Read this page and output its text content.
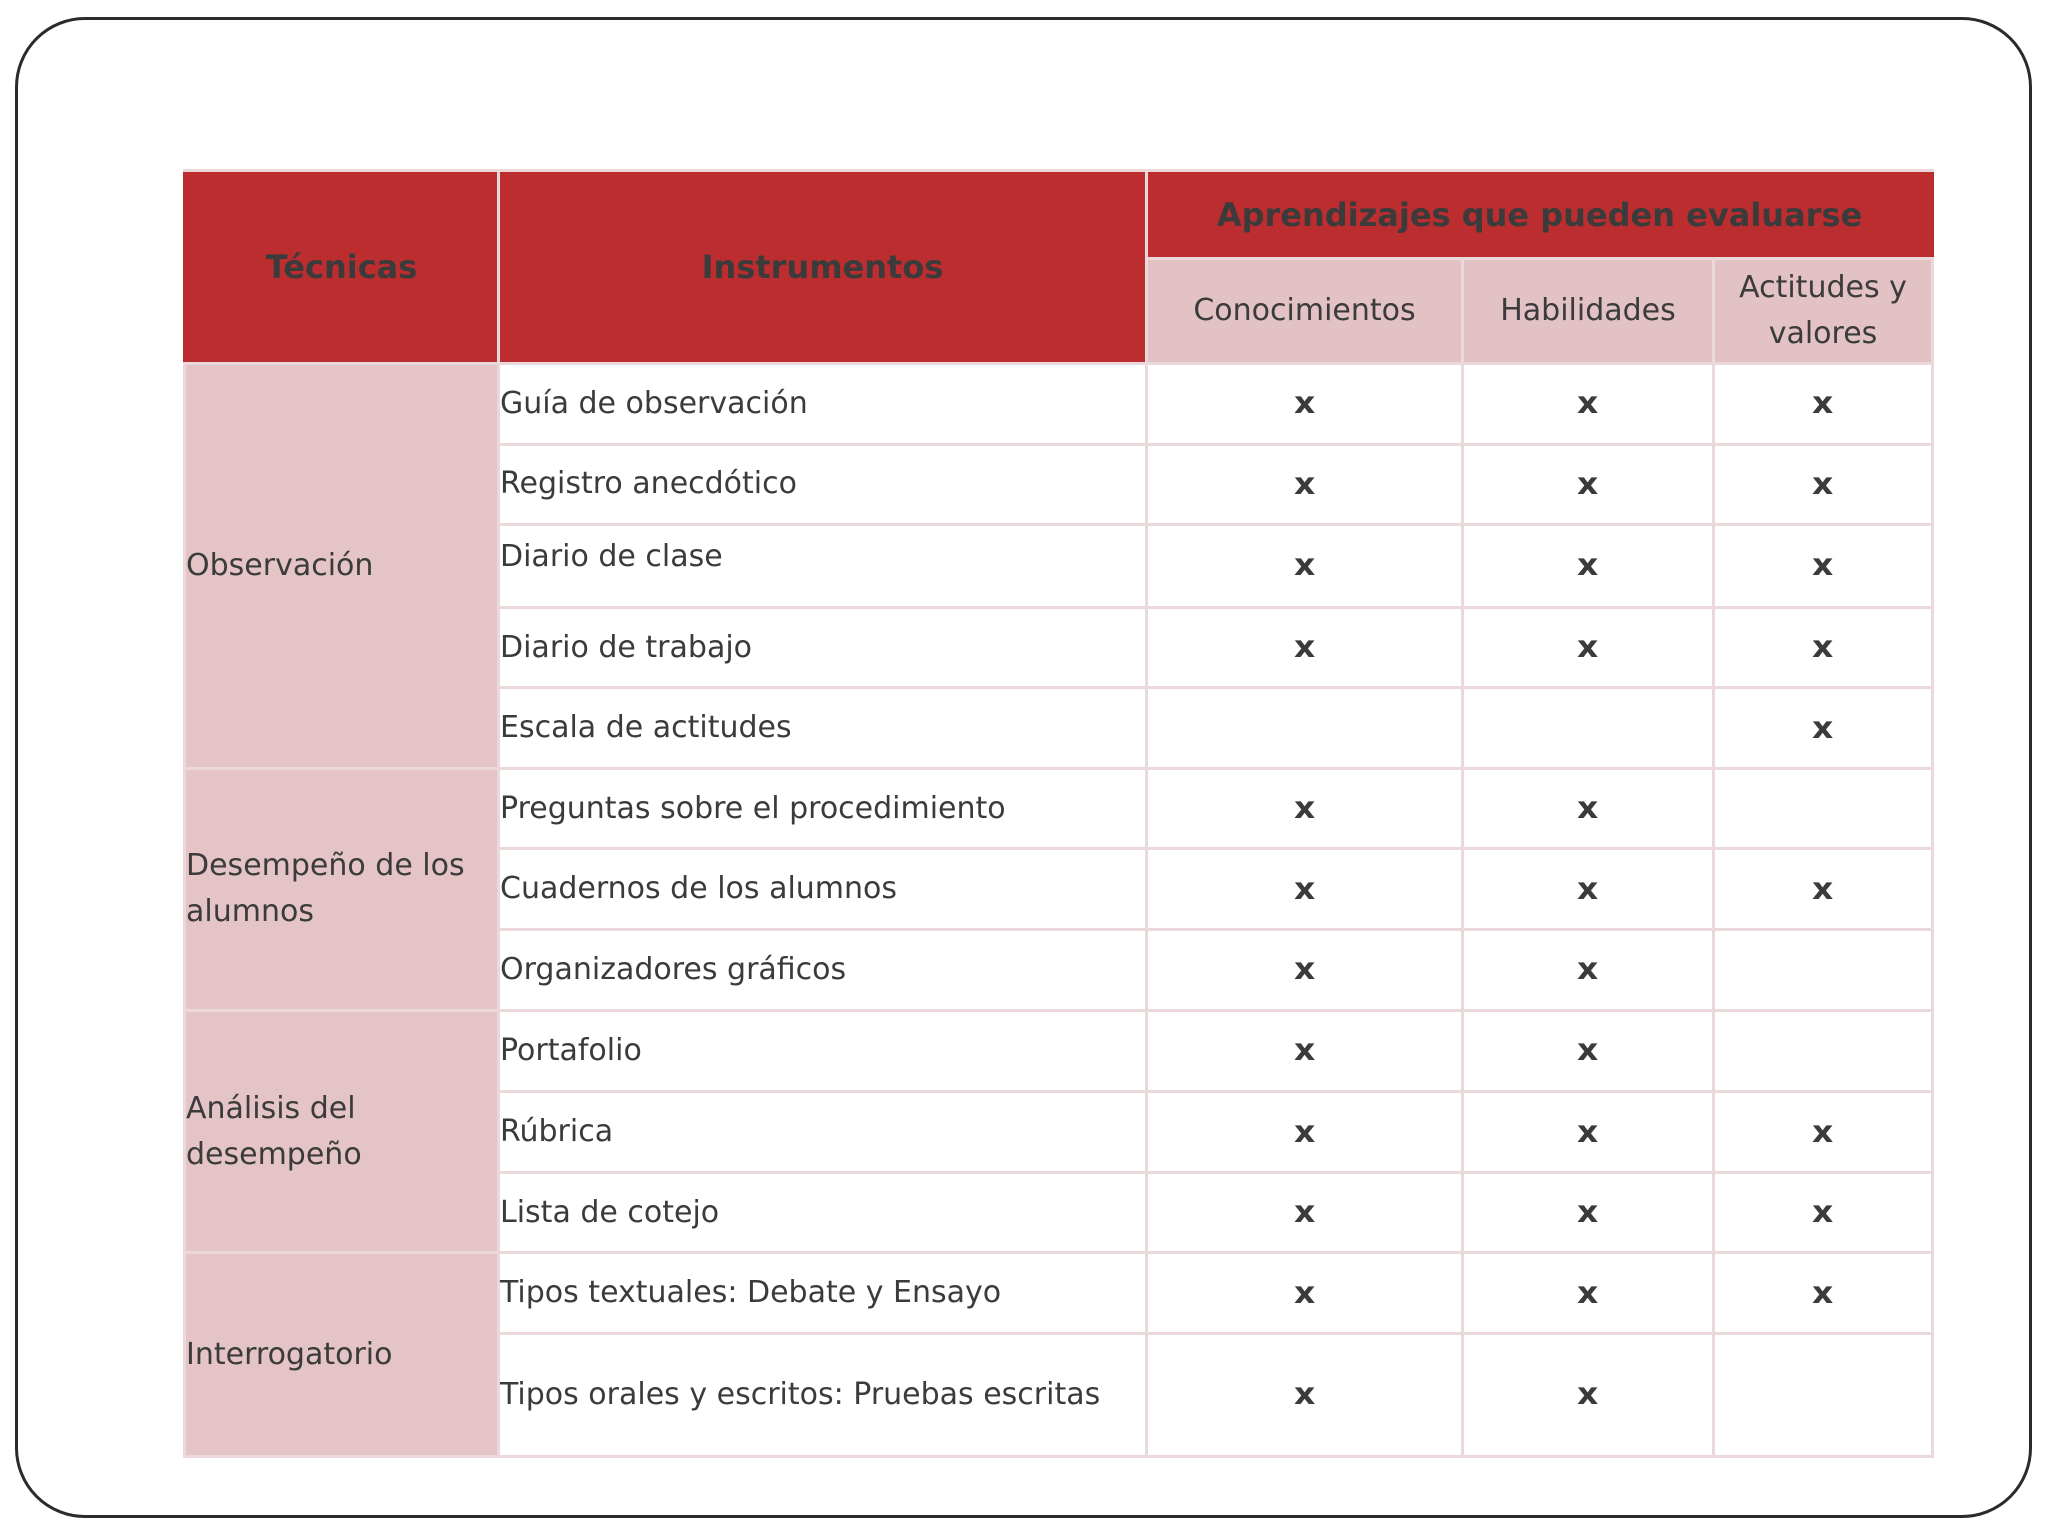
Técnicas	Instrumentos	Aprendizajes que pueden evaluarse		
		Conocimientos	Habilidades	Actitudes y valores
Observación	Guía de observación	x	x	x
	Registro anecdótico	x	x	x
	Diario de clase	x	x	x
	Diario de trabajo	x	x	x
	Escala de actitudes			x
Desempeño de los alumnos	Preguntas sobre el procedimiento	x	x	
	Cuadernos de los alumnos	x	x	x
	Organizadores gráficos	x	x	
Análisis del desempeño	Portafolio	x	x	
	Rúbrica	x	x	x
	Lista de cotejo	x	x	x
Interrogatorio	Tipos textuales: Debate y Ensayo	x	x	x
	Tipos orales y escritos: Pruebas escritas	x	x	
